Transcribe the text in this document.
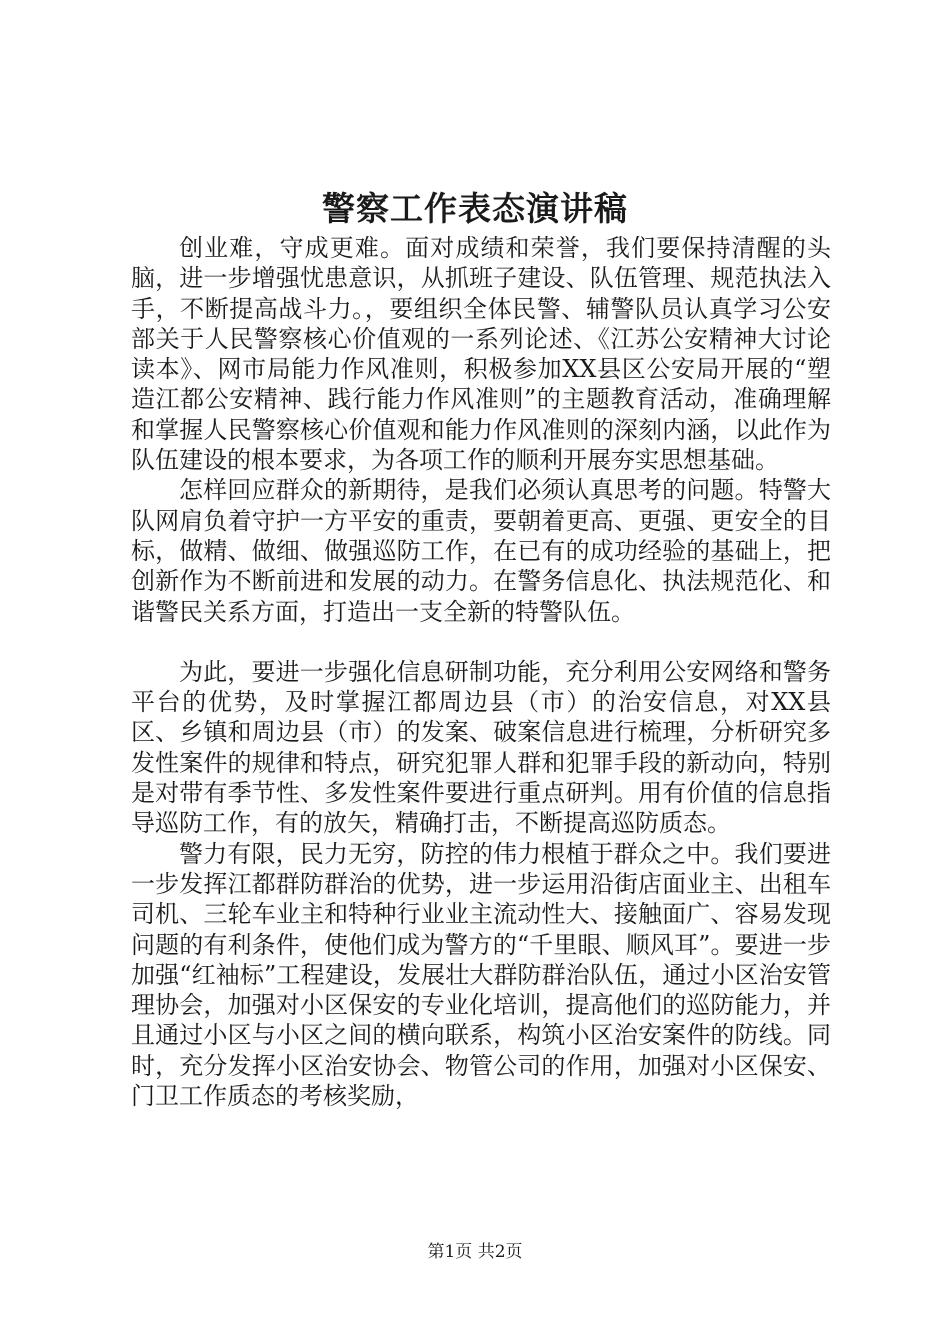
警察工作表态演讲稿

创业难，守成更难。面对成绩和荣誉，我们要保持清醒的头脑，进一步增强忧患意识，从抓班子建设、队伍管理、规范执法入手，不断提高战斗力。，要组织全体民警、辅警队员认真学习公安部关于人民警察核心价值观的一系列论述、《江苏公安精神大讨论读本》、网市局能力作风准则，积极参加XX县区公安局开展的“塑造江都公安精神、践行能力作风准则”的主题教育活动，准确理解和掌握人民警察核心价值观和能力作风准则的深刻内涵，以此作为队伍建设的根本要求，为各项工作的顺利开展夯实思想基础。

怎样回应群众的新期待，是我们必须认真思考的问题。特警大队网肩负着守护一方平安的重责，要朝着更高、更强、更安全的目标，做精、做细、做强巡防工作，在已有的成功经验的基础上，把创新作为不断前进和发展的动力。在警务信息化、执法规范化、和谐警民关系方面，打造出一支全新的特警队伍。

为此，要进一步强化信息研制功能，充分利用公安网络和警务平台的优势，及时掌握江都周边县（市）的治安信息，对XX县区、乡镇和周边县（市）的发案、破案信息进行梳理，分析研究多发性案件的规律和特点，研究犯罪人群和犯罪手段的新动向，特别是对带有季节性、多发性案件要进行重点研判。用有价值的信息指导巡防工作，有的放矢，精确打击，不断提高巡防质态。

警力有限，民力无穷，防控的伟力根植于群众之中。我们要进一步发挥江都群防群治的优势，进一步运用沿街店面业主、出租车司机、三轮车业主和特种行业业主流动性大、接触面广、容易发现问题的有利条件，使他们成为警方的“千里眼、顺风耳”。要进一步加强“红袖标”工程建设，发展壮大群防群治队伍，通过小区治安管理协会，加强对小区保安的专业化培训，提高他们的巡防能力，并且通过小区与小区之间的横向联系，构筑小区治安案件的防线。同时，充分发挥小区治安协会、物管公司的作用，加强对小区保安、门卫工作质态的考核奖励，

第1页 共2页
